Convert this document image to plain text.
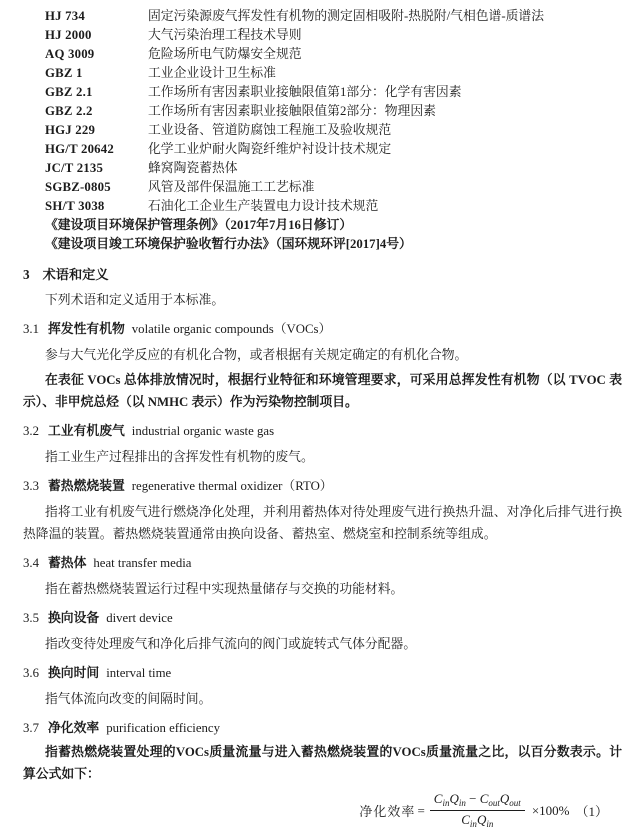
HJ 734	固定污染源废气挥发性有机物的测定固相吸附-热脱附/气相色谱-质谱法
HJ 2000	大气污染治理工程技术导则
AQ 3009	危险场所电气防爆安全规范
GBZ 1	工业企业设计卫生标准
GBZ 2.1	工作场所有害因素职业接触限值第1部分：化学有害因素
GBZ 2.2	工作场所有害因素职业接触限值第2部分：物理因素
HGJ 229	工业设备、管道防腐蚀工程施工及验收规范
HG/T 20642	化学工业炉耐火陶瓷纤维炉衬设计技术规定
JC/T 2135	蜂窝陶瓷蓄热体
SGBZ-0805	风管及部件保温施工工艺标准
SH/T 3038	石油化工企业生产装置电力设计技术规范
《建设项目环境保护管理条例》（2017年7月16日修订）
《建设项目竣工环境保护验收暂行办法》（国环规环评[2017]4号）
3 术语和定义

下列术语和定义适用于本标准。

3.1 挥发性有机物 volatile organic compounds（VOCs）

参与大气光化学反应的有机化合物，或者根据有关规定确定的有机化合物。

在表征 VOCs 总体排放情况时，根据行业特征和环境管理要求，可采用总挥发性有机物（以 TVOC 表示）、非甲烷总烃（以 NMHC 表示）作为污染物控制项目。

3.2 工业有机废气 industrial organic waste gas

指工业生产过程排出的含挥发性有机物的废气。

3.3 蓄热燃烧装置 regenerative thermal oxidizer（RTO）

指将工业有机废气进行燃烧净化处理，并利用蓄热体对待处理废气进行换热升温、对净化后排气进行换热降温的装置。蓄热燃烧装置通常由换向设备、蓄热室、燃烧室和控制系统等组成。

3.4 蓄热体 heat transfer media

指在蓄热燃烧装置运行过程中实现热量储存与交换的功能材料。

3.5 换向设备 divert device

指改变待处理废气和净化后排气流向的阀门或旋转式气体分配器。

3.6 换向时间 interval time

指气体流向改变的间隔时间。

3.7 净化效率 purification efficiency

指蓄热燃烧装置处理的VOCs质量流量与进入蓄热燃烧装置的VOCs质量流量之比，以百分数表示。计算公式如下：

净化效率 = $\frac{C_{in}Q_{in} - C_{out}Q_{out}}{C_{in}Q_{in}} \times 100\%$ （1）
